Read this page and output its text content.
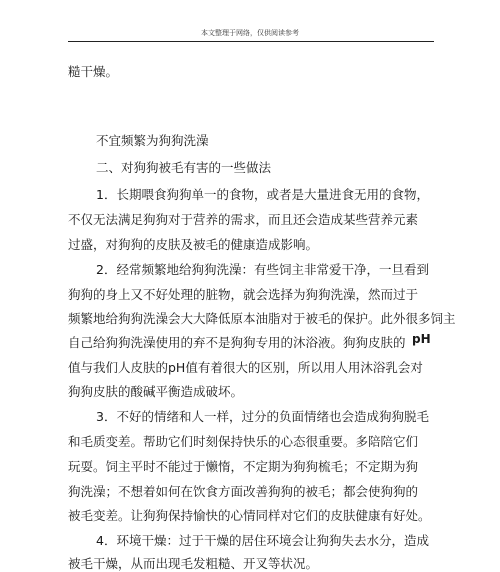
本文整理于网络，仅供阅读参考
糙干燥。
不宜频繁为狗狗洗澡
二、对狗狗被毛有害的一些做法
1．长期喂食狗狗单一的食物，或者是大量进食无用的食物，
不仅无法满足狗狗对于营养的需求，而且还会造成某些营养元素
过盛，对狗狗的皮肤及被毛的健康造成影响。
2．经常频繁地给狗狗洗澡：有些饲主非常爱干净，一旦看到
狗狗的身上又不好处理的脏物，就会选择为狗狗洗澡，然而过于
频繁地给狗狗洗澡会大大降低原本油脂对于被毛的保护。此外很多饲主
自己给狗狗洗澡使用的弃不是狗狗专用的沐浴液。狗狗皮肤的 pH
值与我们人皮肤的pH值有着很大的区别，所以用人用沐浴乳会对
狗狗皮肤的酸碱平衡造成破坏。
3．不好的情绪和人一样，过分的负面情绪也会造成狗狗脱毛
和毛质变差。帮助它们时刻保持快乐的心态很重要。多陪陪它们
玩耍。饲主平时不能过于懒惰，不定期为狗狗梳毛；不定期为狗
狗洗澡；不想着如何在饮食方面改善狗狗的被毛；都会使狗狗的
被毛变差。让狗狗保持愉快的心情同样对它们的皮肤健康有好处。
4．环境干燥：过于干燥的居住环境会让狗狗失去水分，造成
被毛干燥，从而出现毛发粗糙、开叉等状况。
